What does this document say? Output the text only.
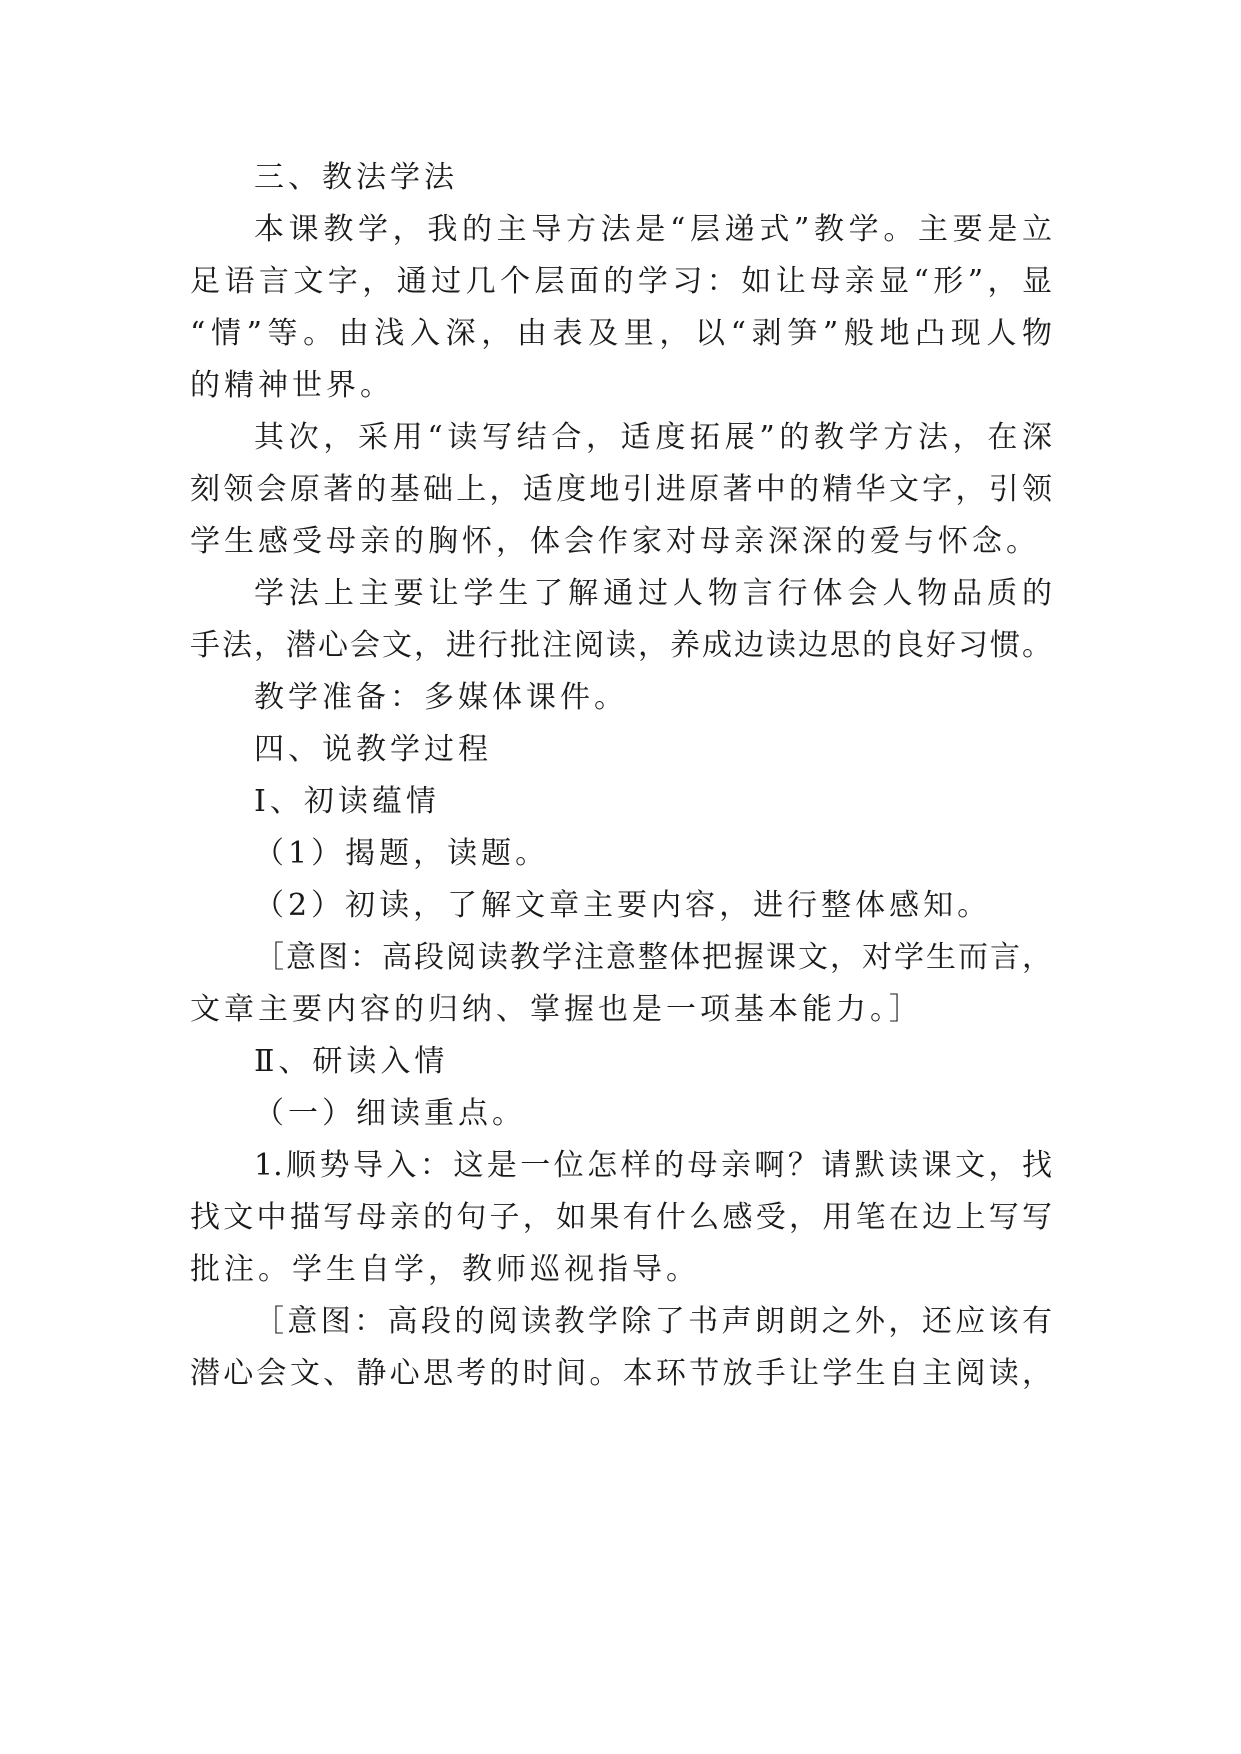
三、教法学法
本课教学，我的主导方法是“层递式”教学。主要是立
足语言文字，通过几个层面的学习：如让母亲显“形”，显
“情”等。由浅入深，由表及里，以“剥笋”般地凸现人物
的精神世界。
其次，采用“读写结合，适度拓展”的教学方法，在深
刻领会原著的基础上，适度地引进原著中的精华文字，引领
学生感受母亲的胸怀，体会作家对母亲深深的爱与怀念。
学法上主要让学生了解通过人物言行体会人物品质的
手法，潜心会文，进行批注阅读，养成边读边思的良好习惯。
教学准备：多媒体课件。
四、说教学过程
Ⅰ、初读蕴情
（1）揭题，读题。
（2）初读，了解文章主要内容，进行整体感知。
［意图：高段阅读教学注意整体把握课文，对学生而言，
文章主要内容的归纳、掌握也是一项基本能力。］
Ⅱ、研读入情
（一）细读重点。
1.顺势导入：这是一位怎样的母亲啊？请默读课文，找
找文中描写母亲的句子，如果有什么感受，用笔在边上写写
批注。学生自学，教师巡视指导。
［意图：高段的阅读教学除了书声朗朗之外，还应该有
潜心会文、静心思考的时间。本环节放手让学生自主阅读，
